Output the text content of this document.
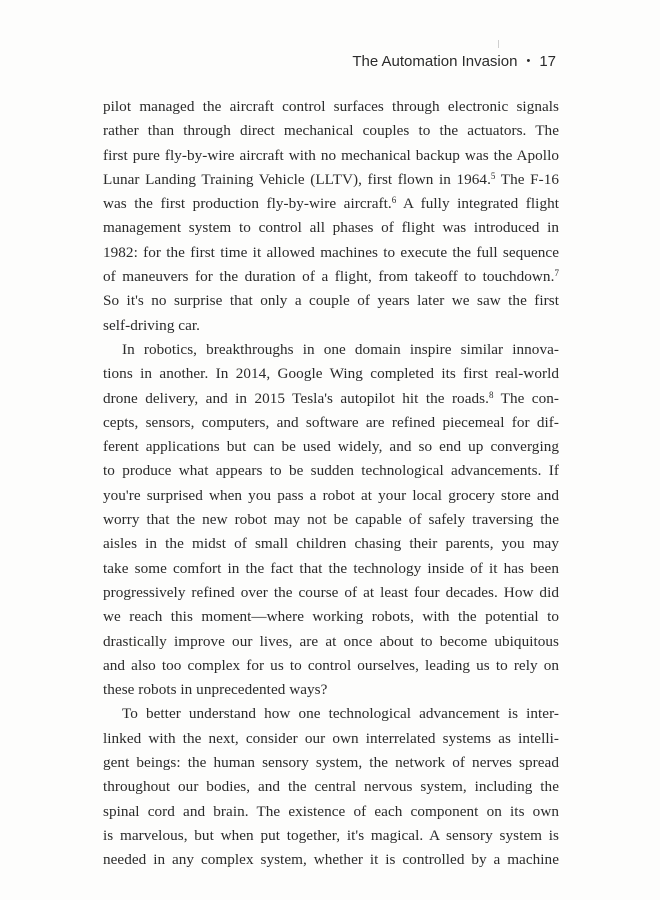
The Automation Invasion • 17
pilot managed the aircraft control surfaces through electronic signals
rather than through direct mechanical couples to the actuators. The
first pure fly-by-wire aircraft with no mechanical backup was the Apollo
Lunar Landing Training Vehicle (LLTV), first flown in 1964.$^5$ The F-16
was the first production fly-by-wire aircraft.$^6$ A fully integrated flight
management system to control all phases of flight was introduced in
1982: for the first time it allowed machines to execute the full sequence
of maneuvers for the duration of a flight, from takeoff to touchdown.$^7$
So it's no surprise that only a couple of years later we saw the first
self-driving car.
In robotics, breakthroughs in one domain inspire similar innova-
tions in another. In 2014, Google Wing completed its first real-world
drone delivery, and in 2015 Tesla's autopilot hit the roads.$^8$ The con-
cepts, sensors, computers, and software are refined piecemeal for dif-
ferent applications but can be used widely, and so end up converging
to produce what appears to be sudden technological advancements. If
you're surprised when you pass a robot at your local grocery store and
worry that the new robot may not be capable of safely traversing the
aisles in the midst of small children chasing their parents, you may
take some comfort in the fact that the technology inside of it has been
progressively refined over the course of at least four decades. How did
we reach this moment—where working robots, with the potential to
drastically improve our lives, are at once about to become ubiquitous
and also too complex for us to control ourselves, leading us to rely on
these robots in unprecedented ways?
To better understand how one technological advancement is inter-
linked with the next, consider our own interrelated systems as intelli-
gent beings: the human sensory system, the network of nerves spread
throughout our bodies, and the central nervous system, including the
spinal cord and brain. The existence of each component on its own
is marvelous, but when put together, it's magical. A sensory system is
needed in any complex system, whether it is controlled by a machine
